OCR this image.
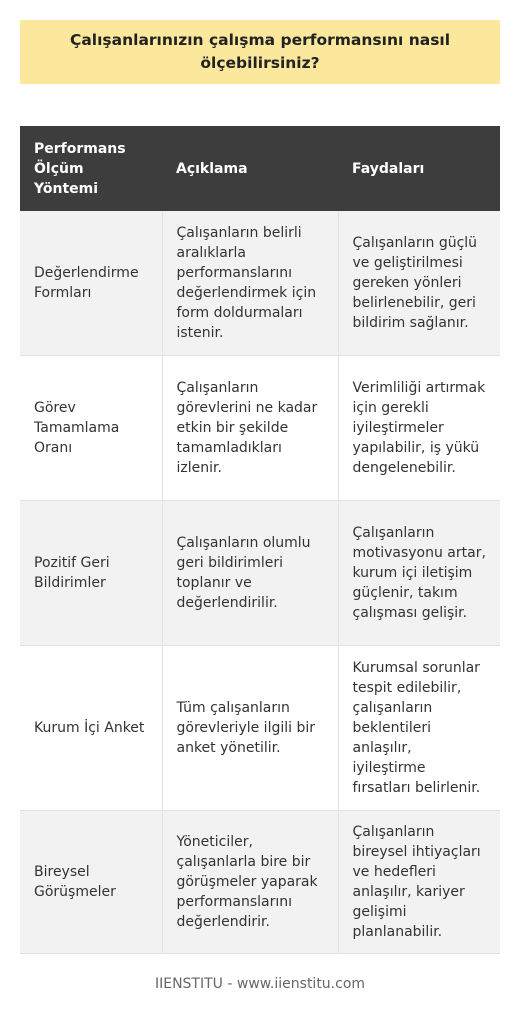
Çalışanlarınızın çalışma performansını nasıl ölçebilirsiniz?
Performans Ölçüm Yöntemi	Açıklama	Faydaları
Değerlendirme Formları	Çalışanların belirli aralıklarla performanslarını değerlendirmek için form doldurmaları istenir.	Çalışanların güçlü ve geliştirilmesi gereken yönleri belirlenebilir, geri bildirim sağlanır.
Görev Tamamlama Oranı	Çalışanların görevlerini ne kadar etkin bir şekilde tamamladıkları izlenir.	Verimliliği artırmak için gerekli iyileştirmeler yapılabilir, iş yükü dengelenebilir.
Pozitif Geri Bildirimler	Çalışanların olumlu geri bildirimleri toplanır ve değerlendirilir.	Çalışanların motivasyonu artar, kurum içi iletişim güçlenir, takım çalışması gelişir.
Kurum İçi Anket	Tüm çalışanların görevleriyle ilgili bir anket yönetilir.	Kurumsal sorunlar tespit edilebilir, çalışanların beklentileri anlaşılır, iyileştirme fırsatları belirlenir.
Bireysel Görüşmeler	Yöneticiler, çalışanlarla bire bir görüşmeler yaparak performanslarını değerlendirir.	Çalışanların bireysel ihtiyaçları ve hedefleri anlaşılır, kariyer gelişimi planlanabilir.
IIENSTITU - www.iienstitu.com
